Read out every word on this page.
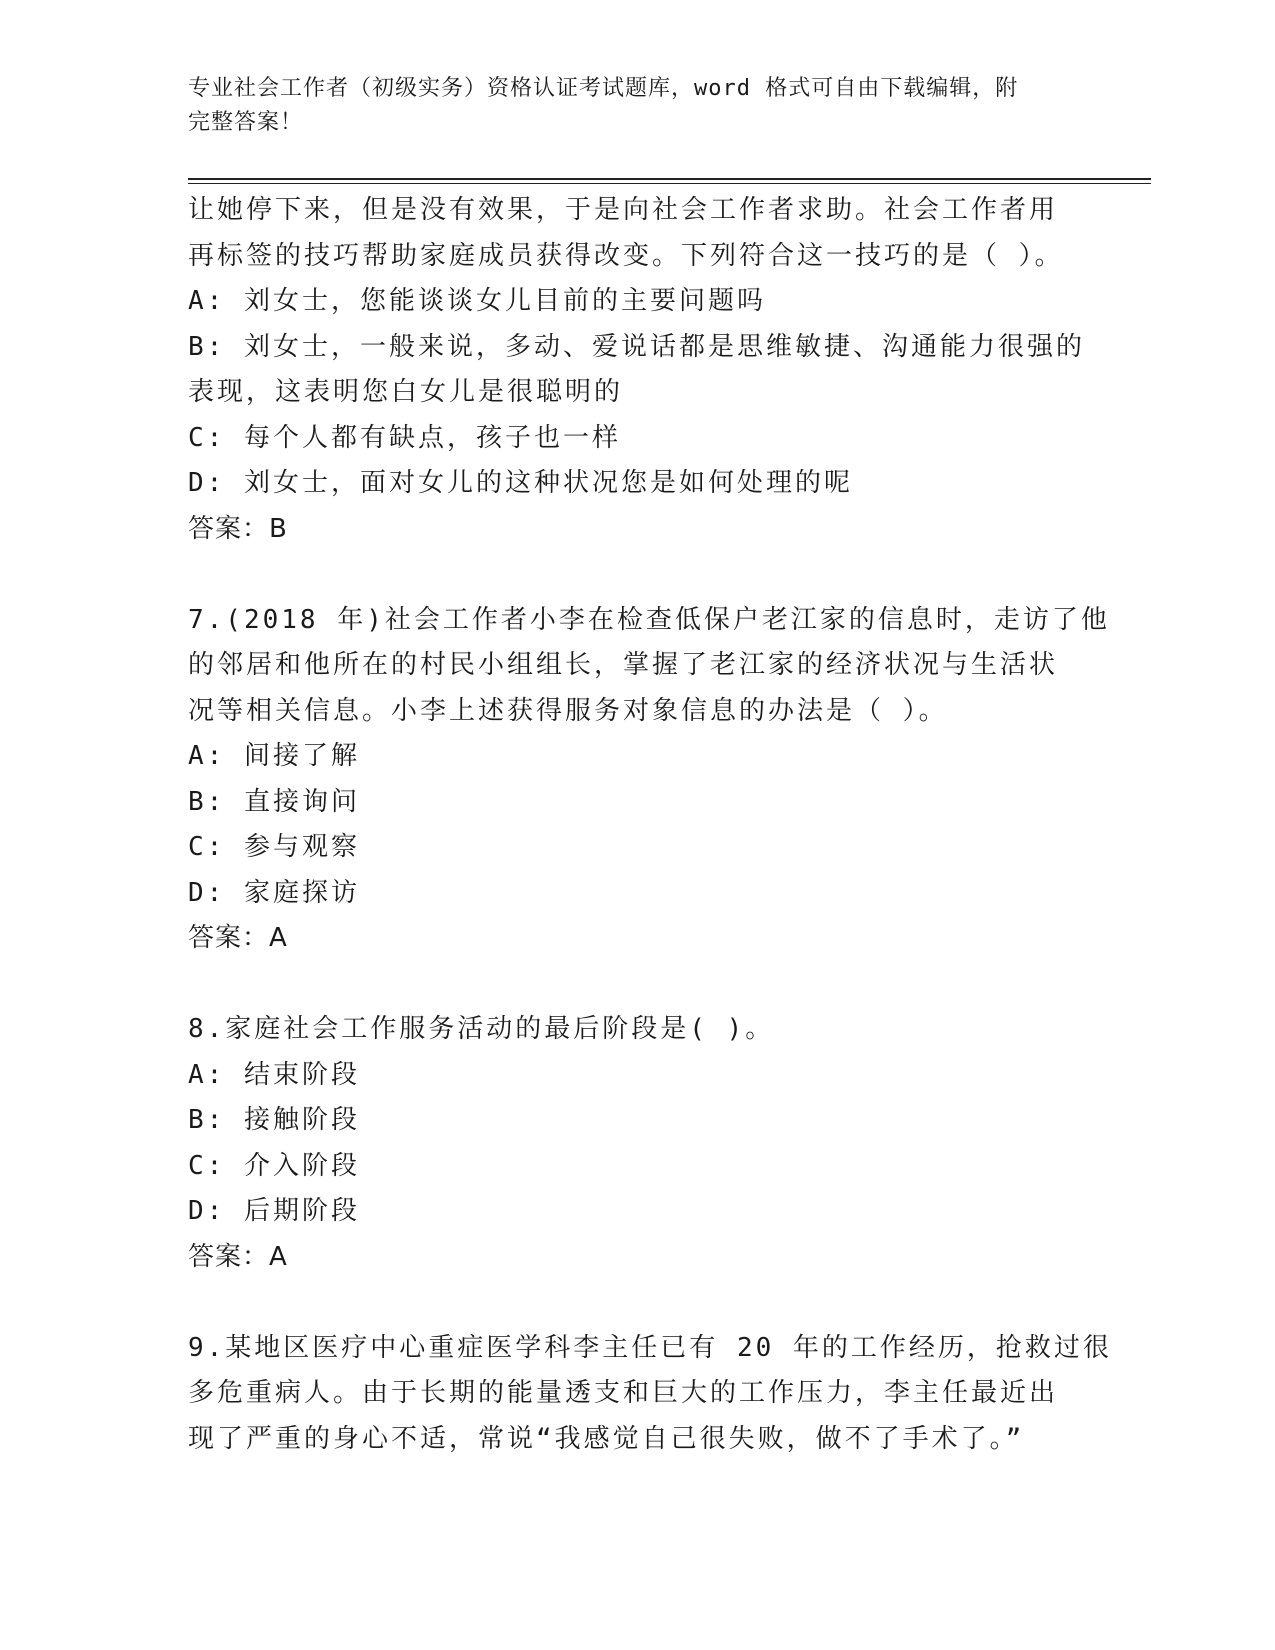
专业社会工作者（初级实务）资格认证考试题库，word 格式可自由下载编辑，附
完整答案！
让她停下来，但是没有效果，于是向社会工作者求助。社会工作者用
再标签的技巧帮助家庭成员获得改变。下列符合这一技巧的是（ ）。
A: 刘女士，您能谈谈女儿目前的主要问题吗
B: 刘女士，一般来说，多动、爱说话都是思维敏捷、沟通能力很强的
表现，这表明您白女儿是很聪明的
C: 每个人都有缺点，孩子也一样
D: 刘女士，面对女儿的这种状况您是如何处理的呢
答案：B
7.(2018 年)社会工作者小李在检查低保户老江家的信息时，走访了他
的邻居和他所在的村民小组组长，掌握了老江家的经济状况与生活状
况等相关信息。小李上述获得服务对象信息的办法是（ ）。
A: 间接了解
B: 直接询问
C: 参与观察
D: 家庭探访
答案：A
8.家庭社会工作服务活动的最后阶段是( )。
A: 结束阶段
B: 接触阶段
C: 介入阶段
D: 后期阶段
答案：A
9.某地区医疗中心重症医学科李主任已有 20 年的工作经历，抢救过很
多危重病人。由于长期的能量透支和巨大的工作压力，李主任最近出
现了严重的身心不适，常说“我感觉自己很失败，做不了手术了。”
